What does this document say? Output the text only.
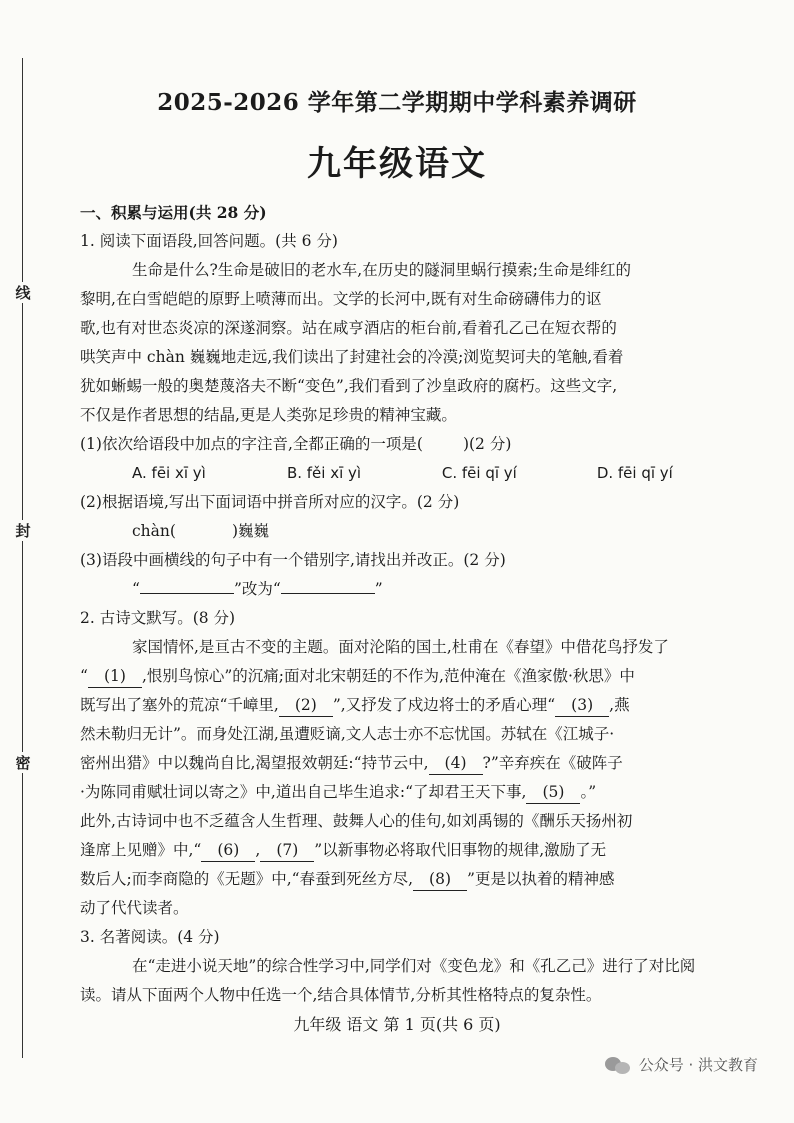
线
封
密
2025-2026 学年第二学期期中学科素养调研
九年级语文
一、积累与运用(共 28 分)
1. 阅读下面语段,回答问题。(共 6 分)
生命是什么?生命是破旧的老水车,在历史的隧洞里蜗行摸索;生命是绯红的
黎明,在白雪皑皑的原野上喷薄而出。文学的长河中,既有对生命磅礴伟力的讴
歌,也有对世态炎凉的深遂洞察。站在咸亨酒店的柜台前,看着孔乙己在短衣帮的
哄笑声中 chàn 巍巍地走远,我们读出了封建社会的冷漠;浏览契诃夫的笔触,看着
犹如蜥蜴一般的奥楚蔑洛夫不断“变色”,我们看到了沙皇政府的腐朽。这些文字,
不仅是作者思想的结晶,更是人类弥足珍贵的精神宝藏。
(1)依次给语段中加点的字注音,全都正确的一项是(	)(2 分)
A. fēi xī yì	B. fěi xī yì	C. fēi qī yí	D. fēi qī yí
(2)根据语境,写出下面词语中拼音所对应的汉字。(2 分)
chàn(	)巍巍
(3)语段中画横线的句子中有一个错别字,请找出并改正。(2 分)
“	”改为“	”
2. 古诗文默写。(8 分)
家国情怀,是亘古不变的主题。面对沦陷的国土,杜甫在《春望》中借花鸟抒发了
“ (1) ,恨别鸟惊心”的沉痛;面对北宋朝廷的不作为,范仲淹在《渔家傲·秋思》中
既写出了塞外的荒凉“千嶂里, (2) ”,又抒发了戍边将士的矛盾心理“ (3) ,燕
然未勒归无计”。而身处江湖,虽遭贬谪,文人志士亦不忘忧国。苏轼在《江城子·
密州出猎》中以魏尚自比,渴望报效朝廷:“持节云中, (4) ?”辛弃疾在《破阵子
·为陈同甫赋壮词以寄之》中,道出自己毕生追求:“了却君王天下事, (5) 。”
此外,古诗词中也不乏蕴含人生哲理、鼓舞人心的佳句,如刘禹锡的《酬乐天扬州初
逢席上见赠》中,“ (6) , (7) ”以新事物必将取代旧事物的规律,激励了无
数后人;而李商隐的《无题》中,“春蚕到死丝方尽, (8) ”更是以执着的精神感
动了代代读者。
3. 名著阅读。(4 分)
在“走进小说天地”的综合性学习中,同学们对《变色龙》和《孔乙己》进行了对比阅
读。请从下面两个人物中任选一个,结合具体情节,分析其性格特点的复杂性。
九年级 语文 第 1 页(共 6 页)
公众号 · 洪文教育
